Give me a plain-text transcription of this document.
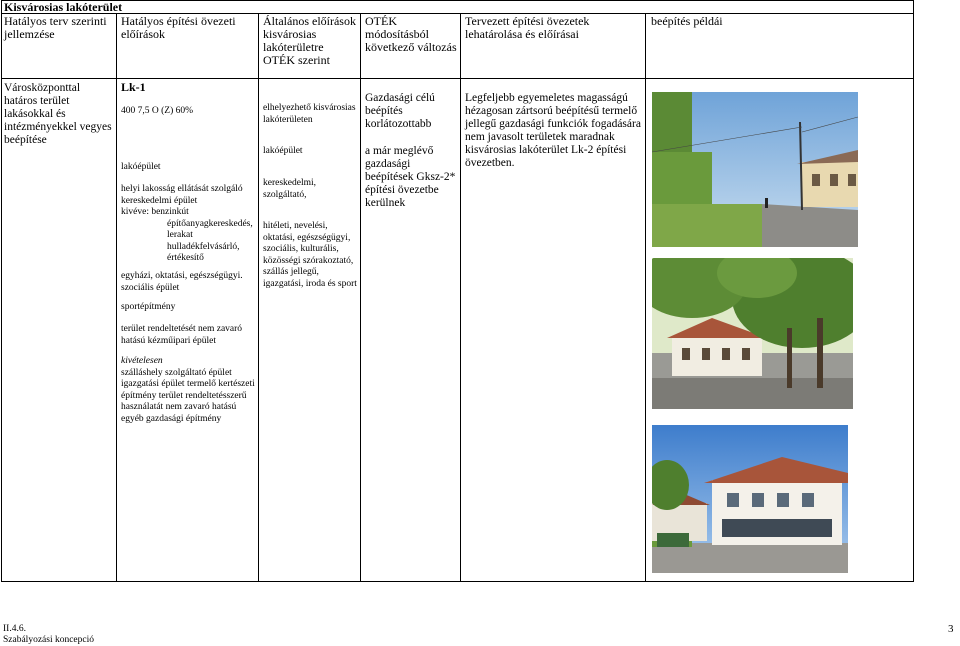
Kisvárosias lakóterület
Hatályos terv szerinti jellemzése
Hatályos építési övezeti előírások
Általános előírások kisvárosias lakóterületre OTÉK szerint
OTÉK módosításból következő változás
Tervezett építési övezetek lehatárolása és előírásai
beépítés példái
Városközponttal határos terület lakásokkal és intézményekkel vegyes beépítése
Lk-1
400 7,5 O (Z) 60%
lakóépület
helyi lakosság ellátását szolgáló kereskedelmi épület
kivéve: benzinkút
építőanyagkereskedés, lerakat hulladékfelvásárló, értékesítő
egyházi, oktatási, egészségügyi. szociális épület
sportépítmény
terület rendeltetését nem zavaró hatású kézműipari épület
kivételesen
szálláshely szolgáltató épület igazgatási épület termelő kertészeti építmény terület rendeltetésszerű használatát nem zavaró hatású egyéb gazdasági építmény
elhelyezhető kisvárosias lakóterületen
lakóépület
kereskedelmi, szolgáltató,
hitéleti, nevelési, oktatási, egészségügyi, szociális, kulturális, közösségi szórakoztató, szállás jellegű, igazgatási, iroda és sport
Gazdasági célú beépítés korlátozottabb
a már meglévő gazdasági beépítések Gksz-2* építési övezetbe kerülnek
Legfeljebb egyemeletes magasságú hézagosan zártsorú beépítésű termelő jellegű gazdasági funkciók fogadására nem javasolt területek maradnak kisvárosias lakóterület Lk-2 építési övezetben.
II.4.6.
Szabályozási koncepció
3
